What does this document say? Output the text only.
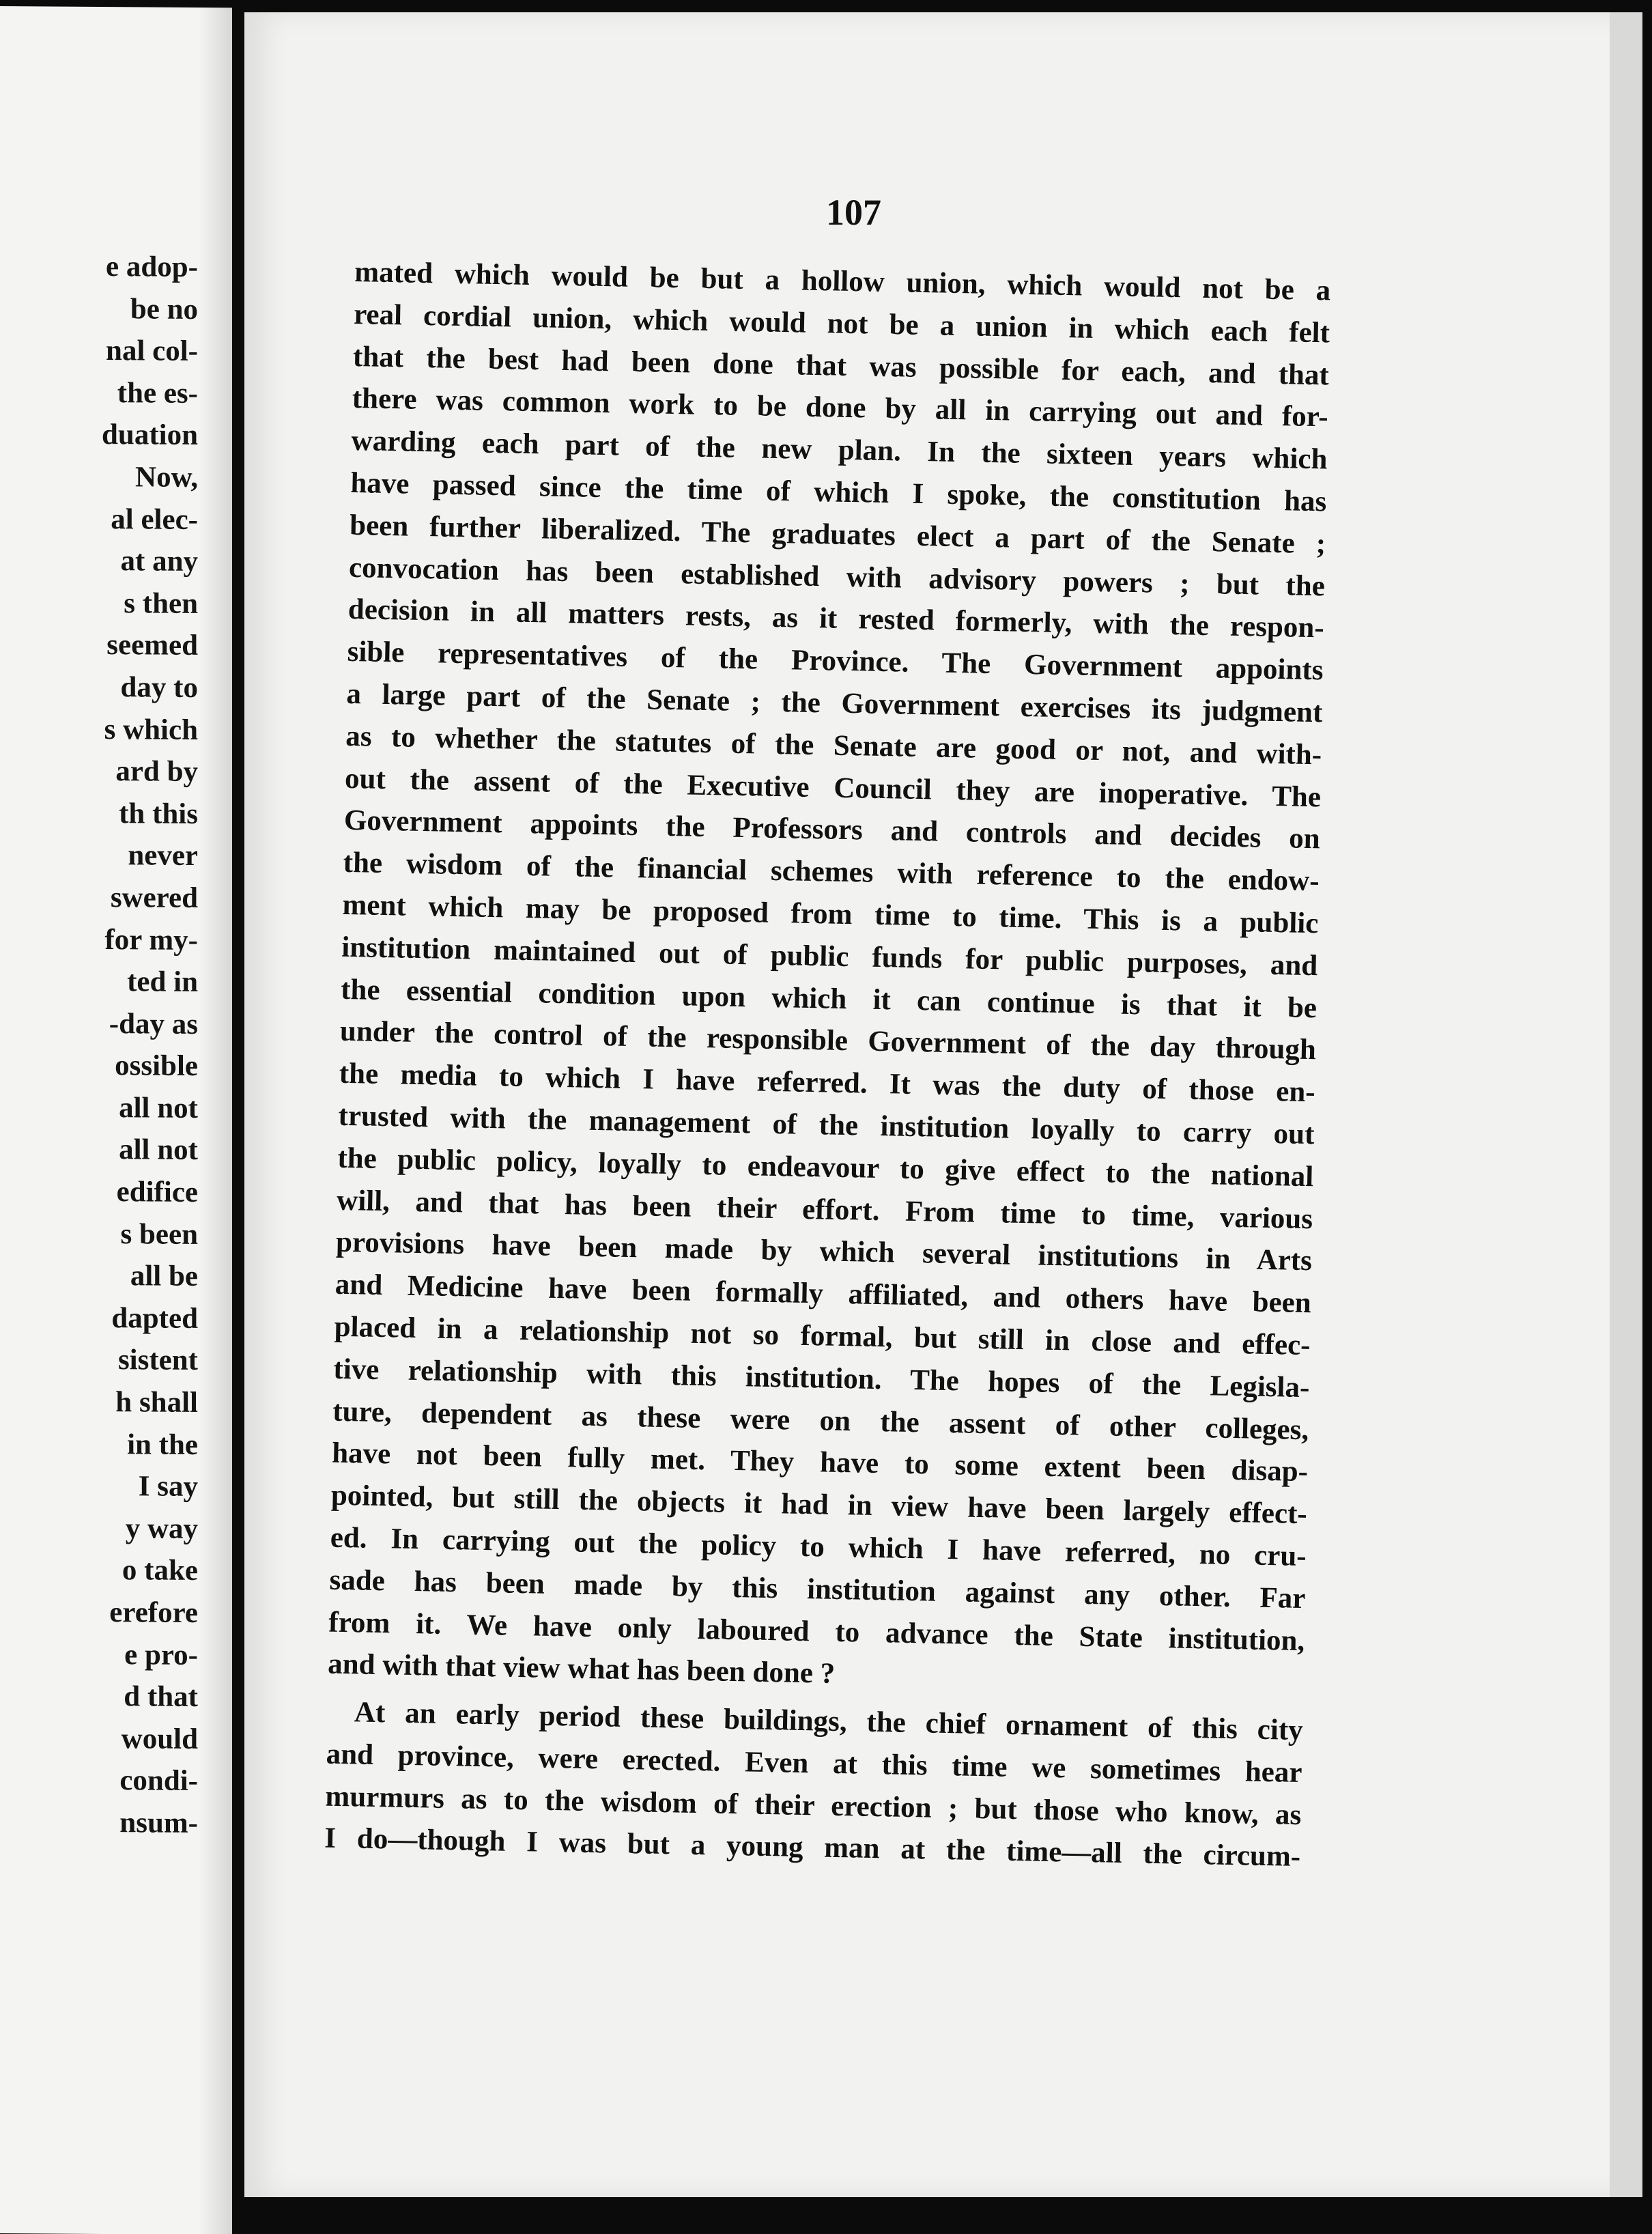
e adop-
be no
nal col-
the es-
duation
Now,
al elec-
at any
s then
seemed
day to
s which
ard by
th this
never
swered
for my-
ted in
-day as
ossible
all not
all not
edifice
s been
all be
dapted
sistent
h shall
in the
I say
y way
o take
erefore
e pro-
d that
would
condi-
nsum-
107
mated which would be but a hollow union, which would not be a
real cordial union, which would not be a union in which each felt
that the best had been done that was possible for each, and that
there was common work to be done by all in carrying out and for-
warding each part of the new plan. In the sixteen years which
have passed since the time of which I spoke, the constitution has
been further liberalized. The graduates elect a part of the Senate ;
convocation has been established with advisory powers ; but the
decision in all matters rests, as it rested formerly, with the respon-
sible representatives of the Province. The Government appoints
a large part of the Senate ; the Government exercises its judgment
as to whether the statutes of the Senate are good or not, and with-
out the assent of the Executive Council they are inoperative. The
Government appoints the Professors and controls and decides on
the wisdom of the financial schemes with reference to the endow-
ment which may be proposed from time to time. This is a public
institution maintained out of public funds for public purposes, and
the essential condition upon which it can continue is that it be
under the control of the responsible Government of the day through
the media to which I have referred. It was the duty of those en-
trusted with the management of the institution loyally to carry out
the public policy, loyally to endeavour to give effect to the national
will, and that has been their effort. From time to time, various
provisions have been made by which several institutions in Arts
and Medicine have been formally affiliated, and others have been
placed in a relationship not so formal, but still in close and effec-
tive relationship with this institution. The hopes of the Legisla-
ture, dependent as these were on the assent of other colleges,
have not been fully met. They have to some extent been disap-
pointed, but still the objects it had in view have been largely effect-
ed. In carrying out the policy to which I have referred, no cru-
sade has been made by this institution against any other. Far
from it. We have only laboured to advance the State institution,
and with that view what has been done ?
At an early period these buildings, the chief ornament of this city
and province, were erected. Even at this time we sometimes hear
murmurs as to the wisdom of their erection ; but those who know, as
I do—though I was but a young man at the time—all the circum-
